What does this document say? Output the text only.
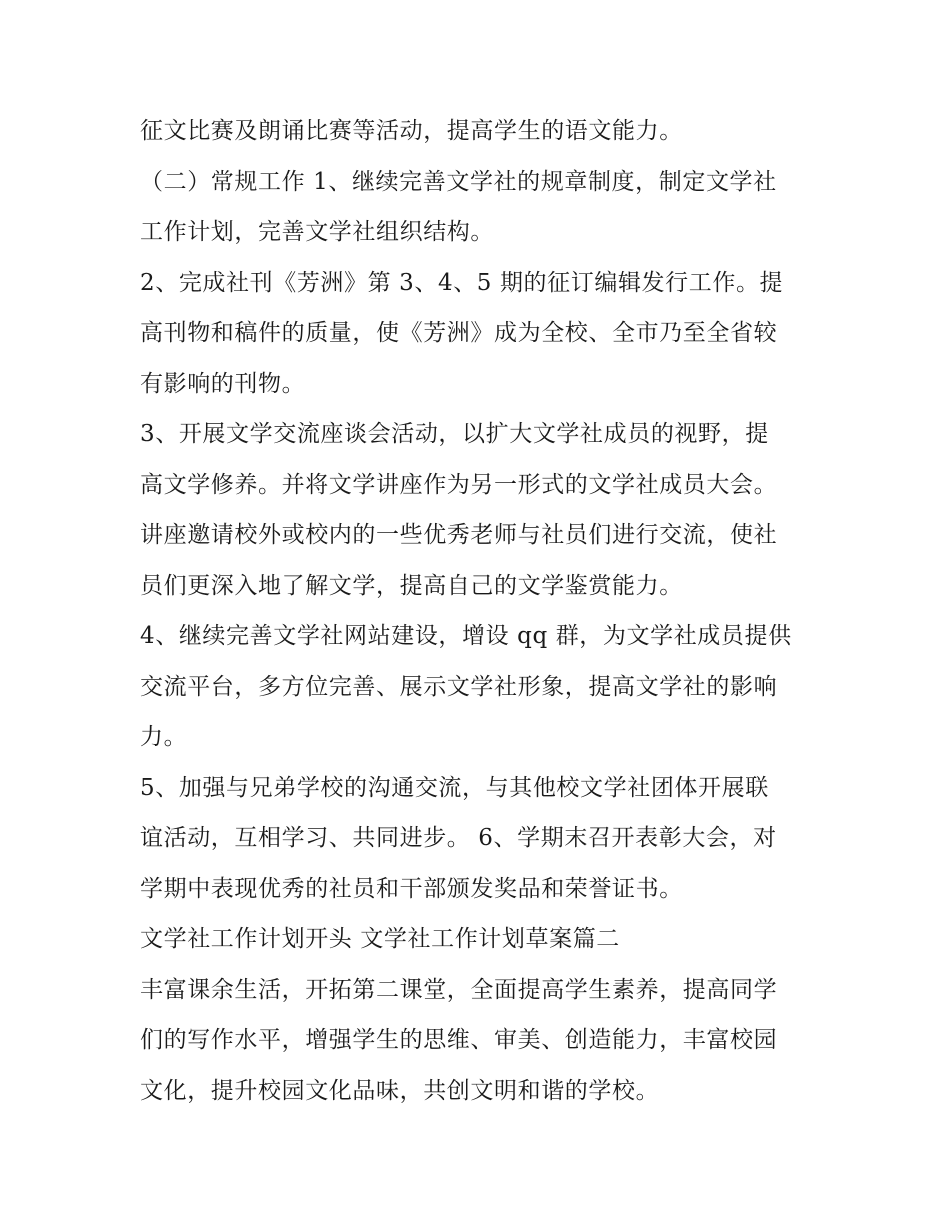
征文比赛及朗诵比赛等活动，提高学生的语文能力。
（二）常规工作 1、继续完善文学社的规章制度，制定文学社
工作计划，完善文学社组织结构。
2、完成社刊《芳洲》第 3、4、5 期的征订编辑发行工作。提
高刊物和稿件的质量，使《芳洲》成为全校、全市乃至全省较
有影响的刊物。
3、开展文学交流座谈会活动，以扩大文学社成员的视野，提
高文学修养。并将文学讲座作为另一形式的文学社成员大会。
讲座邀请校外或校内的一些优秀老师与社员们进行交流，使社
员们更深入地了解文学，提高自己的文学鉴赏能力。
4、继续完善文学社网站建设，增设 qq 群，为文学社成员提供
交流平台，多方位完善、展示文学社形象，提高文学社的影响
力。
5、加强与兄弟学校的沟通交流，与其他校文学社团体开展联
谊活动，互相学习、共同进步。 6、学期末召开表彰大会，对
学期中表现优秀的社员和干部颁发奖品和荣誉证书。
文学社工作计划开头 文学社工作计划草案篇二
丰富课余生活，开拓第二课堂，全面提高学生素养，提高同学
们的写作水平，增强学生的思维、审美、创造能力，丰富校园
文化，提升校园文化品味，共创文明和谐的学校。
